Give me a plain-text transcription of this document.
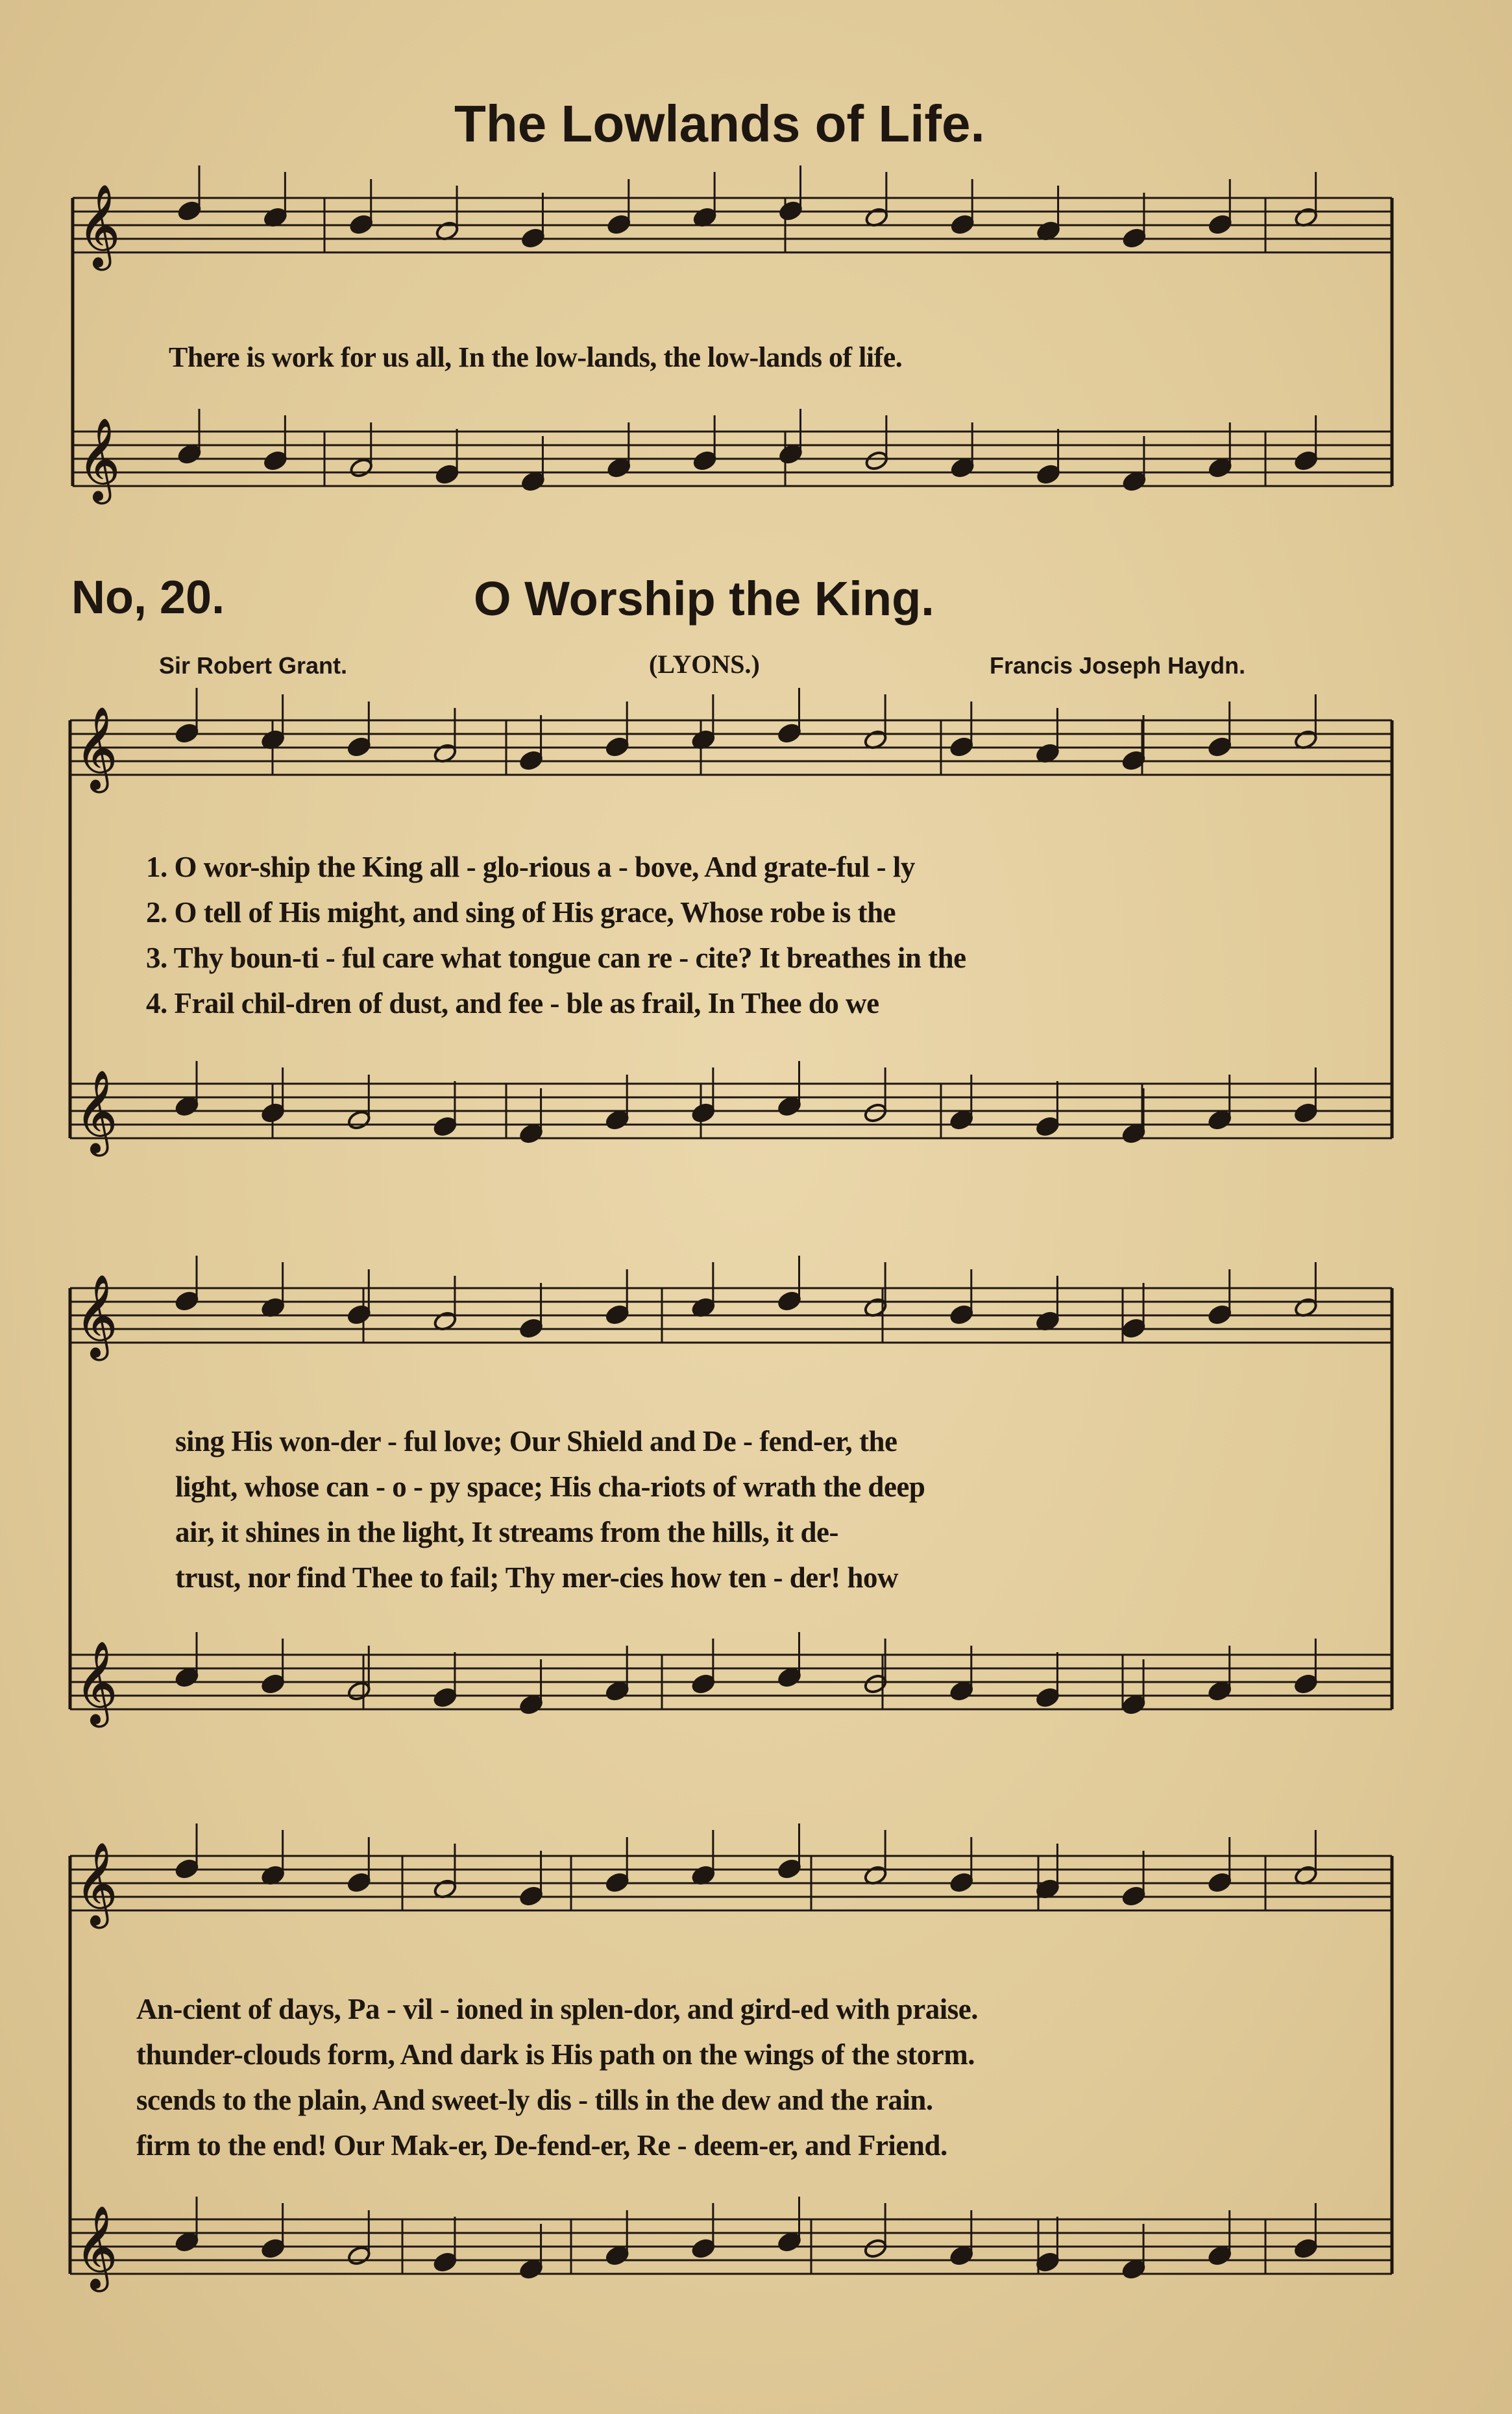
The Lowlands of Life.
𝄞
𝄞
𝄞
𝄞
𝄞
𝄞
𝄞
𝄞
There is work for us all, In the low-lands, the low-lands of life.
No, 20.	O Worship the King.
Sir Robert Grant.	(LYONS.)	Francis Joseph Haydn.
1. O wor-ship the King all - glo-rious a - bove, And grate-ful - ly
2. O tell of His might, and sing of His grace, Whose robe is the
3. Thy boun-ti - ful care what tongue can re - cite? It breathes in the
4. Frail chil-dren of dust, and fee - ble as frail, In Thee do we
sing His won-der - ful love; Our Shield and De - fend-er, the
light, whose can - o - py space; His cha-riots of wrath the deep
air, it shines in the light, It streams from the hills, it de-
trust, nor find Thee to fail; Thy mer-cies how ten - der! how
An-cient of days, Pa - vil - ioned in splen-dor, and gird-ed with praise.
thunder-clouds form, And dark is His path on the wings of the storm.
scends to the plain, And sweet-ly dis - tills in the dew and the rain.
firm to the end! Our Mak-er, De-fend-er, Re - deem-er, and Friend.
